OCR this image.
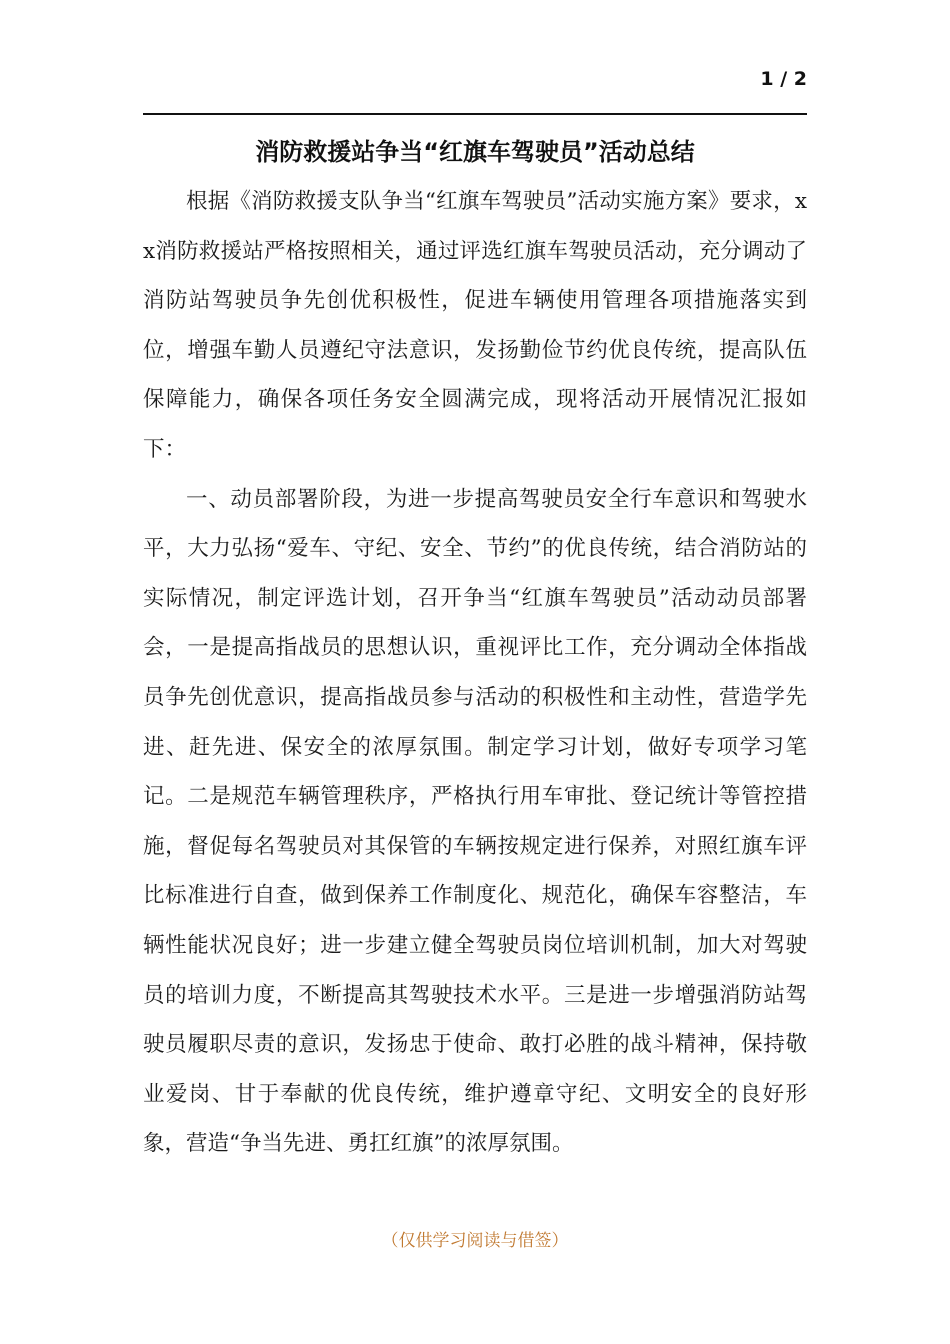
1 / 2
消防救援站争当“红旗车驾驶员”活动总结

根据《消防救援支队争当“红旗车驾驶员”活动实施方案》要求，xx消防救援站严格按照相关，通过评选红旗车驾驶员活动，充分调动了消防站驾驶员争先创优积极性，促进车辆使用管理各项措施落实到位，增强车勤人员遵纪守法意识，发扬勤俭节约优良传统，提高队伍保障能力，确保各项任务安全圆满完成，现将活动开展情况汇报如下：

一、动员部署阶段，为进一步提高驾驶员安全行车意识和驾驶水平，大力弘扬“爱车、守纪、安全、节约”的优良传统，结合消防站的实际情况，制定评选计划，召开争当“红旗车驾驶员”活动动员部署会，一是提高指战员的思想认识，重视评比工作，充分调动全体指战员争先创优意识，提高指战员参与活动的积极性和主动性，营造学先进、赶先进、保安全的浓厚氛围。制定学习计划，做好专项学习笔记。二是规范车辆管理秩序，严格执行用车审批、登记统计等管控措施，督促每名驾驶员对其保管的车辆按规定进行保养，对照红旗车评比标准进行自查，做到保养工作制度化、规范化，确保车容整洁，车辆性能状况良好；进一步建立健全驾驶员岗位培训机制，加大对驾驶员的培训力度，不断提高其驾驶技术水平。三是进一步增强消防站驾驶员履职尽责的意识，发扬忠于使命、敢打必胜的战斗精神，保持敬业爱岗、甘于奉献的优良传统，维护遵章守纪、文明安全的良好形象，营造“争当先进、勇扛红旗”的浓厚氛围。

（仅供学习阅读与借签）
